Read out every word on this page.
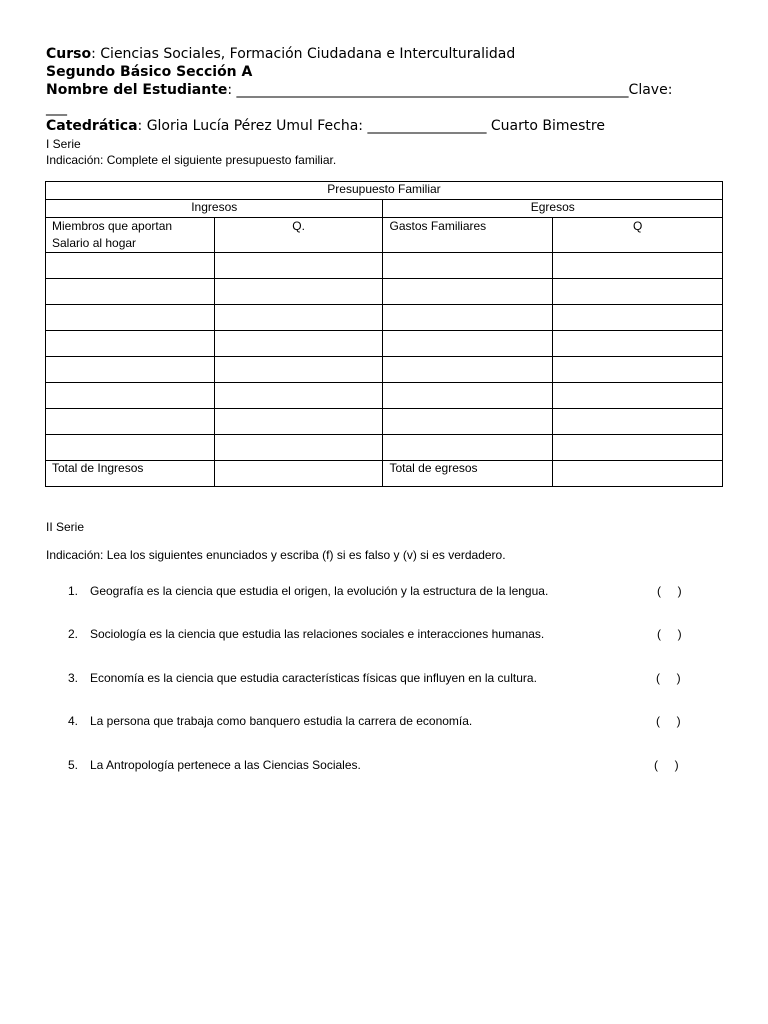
Curso: Ciencias Sociales, Formación Ciudadana e Interculturalidad
Segundo Básico Sección A
Nombre del Estudiante: ________________________________________________________Clave:
___
Catedrática: Gloria Lucía Pérez Umul Fecha: _________________ Cuarto Bimestre
I Serie
Indicación: Complete el siguiente presupuesto familiar.
Presupuesto Familiar			
Ingresos		Egresos	
Miembros que aportan
Salario al hogar	Q.	Gastos Familiares	Q

Total de Ingresos		Total de egresos	
II Serie
Indicación: Lea los siguientes enunciados y escriba (f) si es falso y (v) si es verdadero.
1. Geografía es la ciencia que estudia el origen, la evolución y la estructura de la lengua.	(     )
2. Sociología es la ciencia que estudia las relaciones sociales e interacciones humanas.	(     )
3. Economía es la ciencia que estudia características físicas que influyen en la cultura.	(     )
4. La persona que trabaja como banquero estudia la carrera de economía.	(     )
5. La Antropología pertenece a las Ciencias Sociales.	(     )
